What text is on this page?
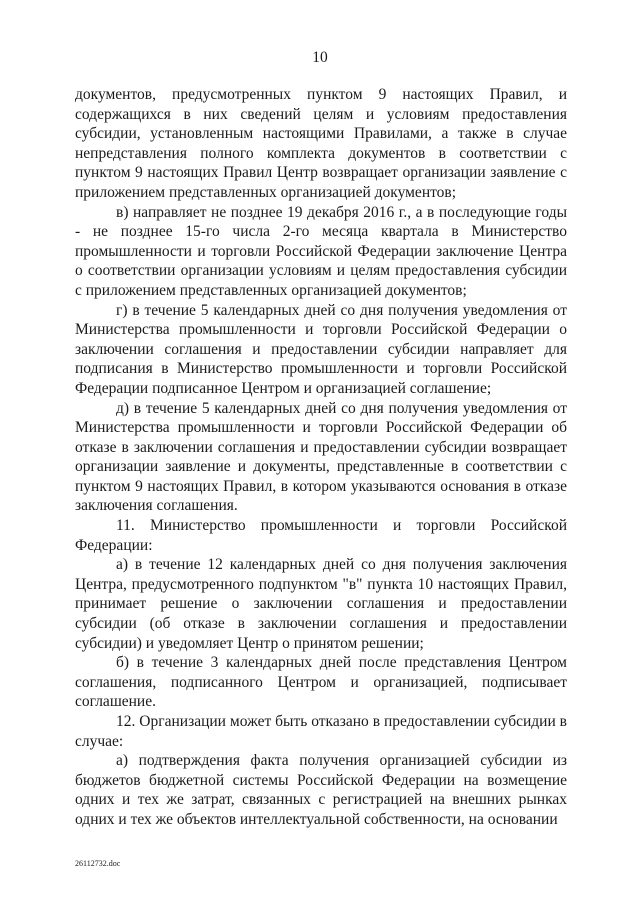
10

документов, предусмотренных пунктом 9 настоящих Правил, и содержащихся в них сведений целям и условиям предоставления субсидии, установленным настоящими Правилами, а также в случае непредставления полного комплекта документов в соответствии с пунктом 9 настоящих Правил Центр возвращает организации заявление с приложением представленных организацией документов;

в) направляет не позднее 19 декабря 2016 г., а в последующие годы - не позднее 15-го числа 2-го месяца квартала в Министерство промышленности и торговли Российской Федерации заключение Центра о соответствии организации условиям и целям предоставления субсидии с приложением представленных организацией документов;

г) в течение 5 календарных дней со дня получения уведомления от Министерства промышленности и торговли Российской Федерации о заключении соглашения и предоставлении субсидии направляет для подписания в Министерство промышленности и торговли Российской Федерации подписанное Центром и организацией соглашение;

д) в течение 5 календарных дней со дня получения уведомления от Министерства промышленности и торговли Российской Федерации об отказе в заключении соглашения и предоставлении субсидии возвращает организации заявление и документы, представленные в соответствии с пунктом 9 настоящих Правил, в котором указываются основания в отказе заключения соглашения.

11. Министерство промышленности и торговли Российской Федерации:

а) в течение 12 календарных дней со дня получения заключения Центра, предусмотренного подпунктом "в" пункта 10 настоящих Правил, принимает решение о заключении соглашения и предоставлении субсидии (об отказе в заключении соглашения и предоставлении субсидии) и уведомляет Центр о принятом решении;

б) в течение 3 календарных дней после представления Центром соглашения, подписанного Центром и организацией, подписывает соглашение.

12. Организации может быть отказано в предоставлении субсидии в случае:

а) подтверждения факта получения организацией субсидии из бюджетов бюджетной системы Российской Федерации на возмещение одних и тех же затрат, связанных с регистрацией на внешних рынках одних и тех же объектов интеллектуальной собственности, на основании

26112732.doc
